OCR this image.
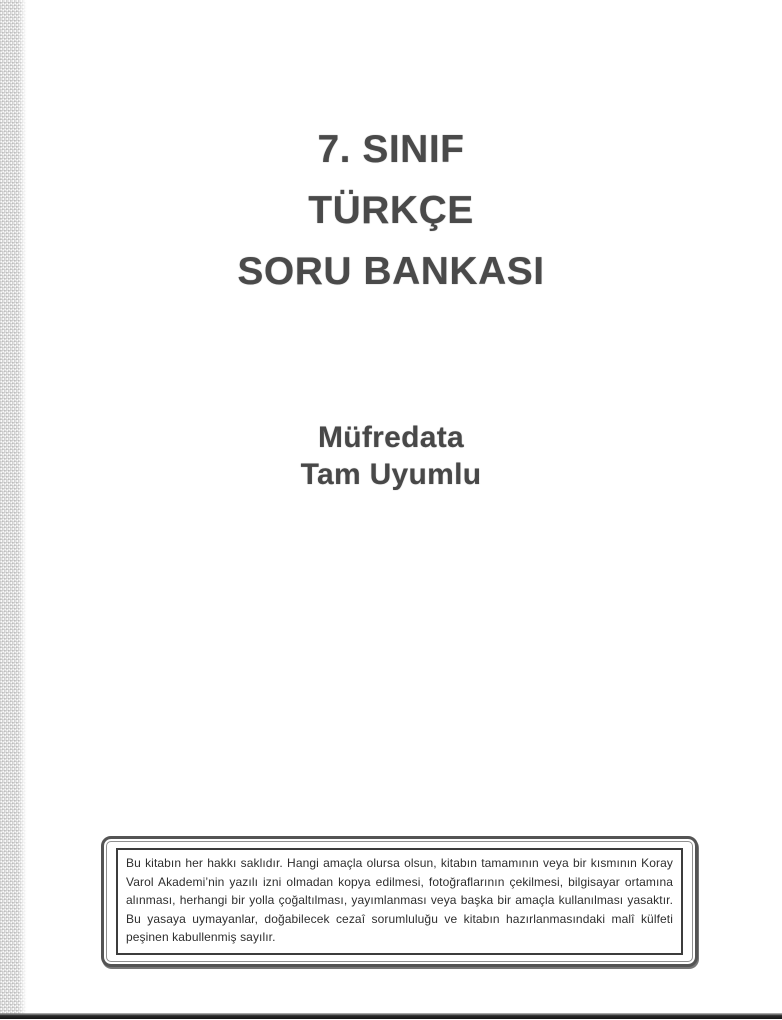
7. SINIF
TÜRKÇE
SORU BANKASI
Müfredata
Tam Uyumlu

Bu kitabın her hakkı saklıdır. Hangi amaçla olursa olsun, kitabın tamamının veya bir kısmının Koray Varol Akademi’nin yazılı izni olmadan kopya edilmesi, fotoğraflarının çekilmesi, bilgisayar ortamına alınması, herhangi bir yolla çoğaltılması, yayımlanması veya başka bir amaçla kullanılması yasaktır. Bu yasaya uymayanlar, doğabilecek cezaî sorumluluğu ve kitabın hazırlanmasındaki malî külfeti peşinen kabullenmiş sayılır.
